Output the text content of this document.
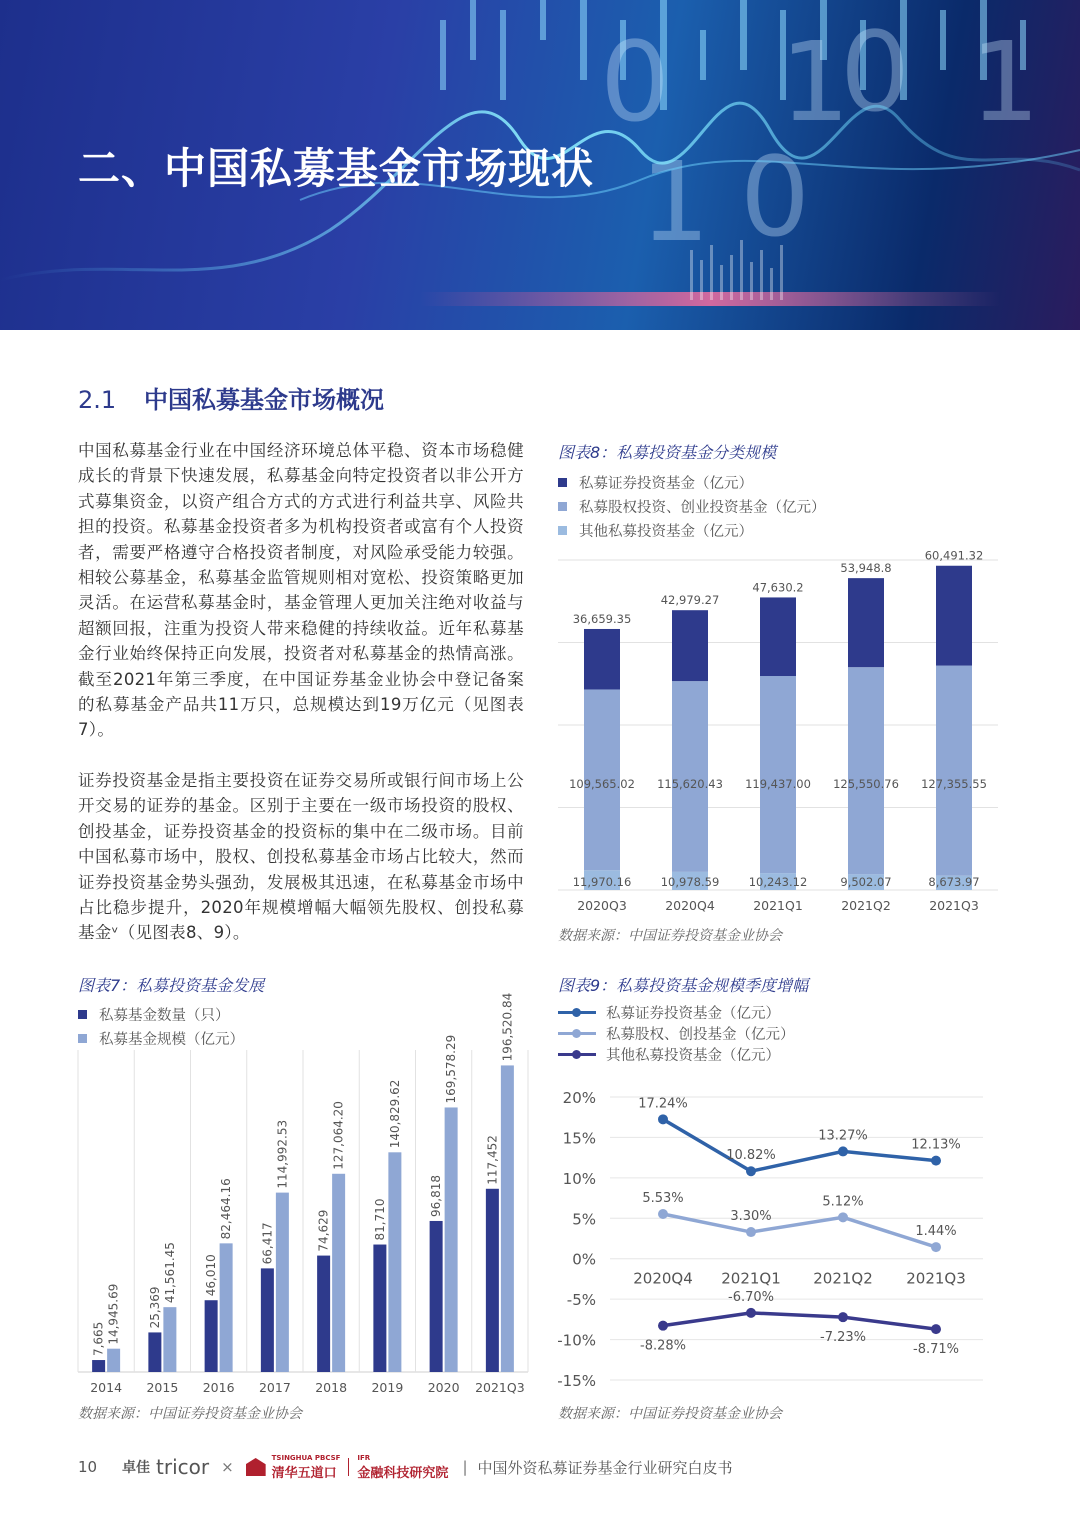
0 1
0 1
1 0
二、中国私募基金市场现状
2.1 中国私募基金市场概况

中国私募基金行业在中国经济环境总体平稳、资本市场稳健成长的背景下快速发展，私募基金向特定投资者以非公开方式募集资金，以资产组合方式的方式进行利益共享、风险共担的投资。私募基金投资者多为机构投资者或富有个人投资者，需要严格遵守合格投资者制度，对风险承受能力较强。相较公募基金，私募基金监管规则相对宽松、投资策略更加灵活。在运营私募基金时，基金管理人更加关注绝对收益与超额回报，注重为投资人带来稳健的持续收益。近年私募基金行业始终保持正向发展，投资者对私募基金的热情高涨。截至2021年第三季度，在中国证券基金业协会中登记备案的私募基金产品共11万只，总规模达到19万亿元（见图表7）。

证券投资基金是指主要投资在证券交易所或银行间市场上公开交易的证券的基金。区别于主要在一级市场投资的股权、创投基金，证券投资基金的投资标的集中在二级市场。目前中国私募市场中，股权、创投私募基金市场占比较大，然而证券投资基金势头强劲，发展极其迅速，在私募基金市场中占比稳步提升，2020年规模增幅大幅领先股权、创投私募基金ᵛ（见图表8、9）。

图表8：私募投资基金分类规模

私募证券投资基金（亿元）
私募股权投资、创业投资基金（亿元）
其他私募投资基金（亿元）
11,970.16
109,565.02
36,659.35
2020Q3
10,978.59
115,620.43
42,979.27
2020Q4
10,243.12
119,437.00
47,630.2
2021Q1
9,502.07
125,550.76
53,948.8
2021Q2
8,673.97
127,355.55
60,491.32
2021Q3

数据来源：中国证券投资基金业协会

图表7：私募投资基金发展

私募基金数量（只）
私募基金规模（亿元）
7,665 14,945.69
2014
25,369
41,561.45
2015
46,010
82,464.16
2016
66,417
114,992.53
2017
74,629
127,064.20
2018
81,710
140,829.62
2019
96,818
169,578.29
2020
117,452
196,520.84
2021Q3

数据来源：中国证券投资基金业协会

图表9：私募投资基金规模季度增幅

私募证券投资基金（亿元）
私募股权、创投基金（亿元）
其他私募投资基金（亿元）
20%
15%
10%
5%
0%
-5%
-10%
-15%
2020Q4 2021Q1 2021Q2 2021Q3
17.24%
10.82%
13.27%
12.13%
5.53%
3.30%
5.12%
1.44%
-8.28%
-6.70%
-7.23%
-8.71%

数据来源：中国证券投资基金业协会

10	卓佳 tricor ×
TSINGHUA PBCSF
清华五道口
IFR
金融科技研究院 | 中国外资私募证券基金行业研究白皮书
